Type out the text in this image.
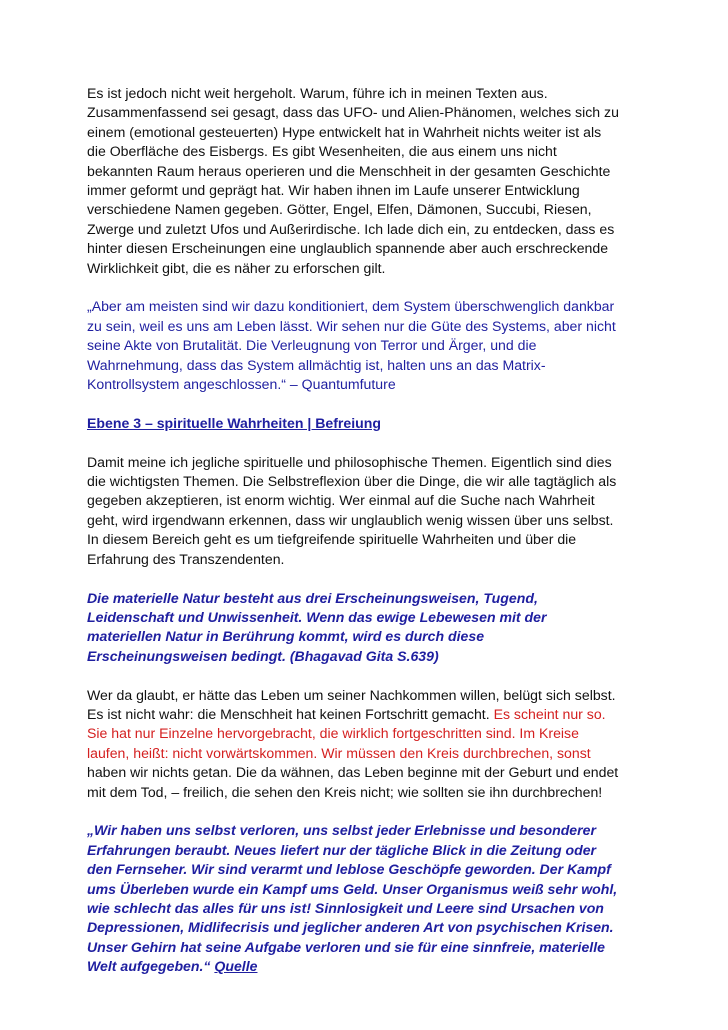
Es ist jedoch nicht weit hergeholt. Warum, führe ich in meinen Texten aus.
Zusammenfassend sei gesagt, dass das UFO- und Alien-Phänomen, welches sich zu
einem (emotional gesteuerten) Hype entwickelt hat in Wahrheit nichts weiter ist als
die Oberfläche des Eisbergs. Es gibt Wesenheiten, die aus einem uns nicht
bekannten Raum heraus operieren und die Menschheit in der gesamten Geschichte
immer geformt und geprägt hat. Wir haben ihnen im Laufe unserer Entwicklung
verschiedene Namen gegeben. Götter, Engel, Elfen, Dämonen, Succubi, Riesen,
Zwerge und zuletzt Ufos und Außerirdische. Ich lade dich ein, zu entdecken, dass es
hinter diesen Erscheinungen eine unglaublich spannende aber auch erschreckende
Wirklichkeit gibt, die es näher zu erforschen gilt.

„Aber am meisten sind wir dazu konditioniert, dem System überschwenglich dankbar
zu sein, weil es uns am Leben lässt. Wir sehen nur die Güte des Systems, aber nicht
seine Akte von Brutalität. Die Verleugnung von Terror und Ärger, und die
Wahrnehmung, dass das System allmächtig ist, halten uns an das Matrix-
Kontrollsystem angeschlossen.“ – Quantumfuture

Ebene 3 – spirituelle Wahrheiten | Befreiung

Damit meine ich jegliche spirituelle und philosophische Themen. Eigentlich sind dies
die wichtigsten Themen. Die Selbstreflexion über die Dinge, die wir alle tagtäglich als
gegeben akzeptieren, ist enorm wichtig. Wer einmal auf die Suche nach Wahrheit
geht, wird irgendwann erkennen, dass wir unglaublich wenig wissen über uns selbst.
In diesem Bereich geht es um tiefgreifende spirituelle Wahrheiten und über die
Erfahrung des Transzendenten.

Die materielle Natur besteht aus drei Erscheinungsweisen, Tugend,
Leidenschaft und Unwissenheit. Wenn das ewige Lebewesen mit der
materiellen Natur in Berührung kommt, wird es durch diese
Erscheinungsweisen bedingt. (Bhagavad Gita S.639)

Wer da glaubt, er hätte das Leben um seiner Nachkommen willen, belügt sich selbst.
Es ist nicht wahr: die Menschheit hat keinen Fortschritt gemacht. Es scheint nur so.
Sie hat nur Einzelne hervorgebracht, die wirklich fortgeschritten sind. Im Kreise
laufen, heißt: nicht vorwärtskommen. Wir müssen den Kreis durchbrechen, sonst
haben wir nichts getan. Die da wähnen, das Leben beginne mit der Geburt und endet
mit dem Tod, – freilich, die sehen den Kreis nicht; wie sollten sie ihn durchbrechen!

„Wir haben uns selbst verloren, uns selbst jeder Erlebnisse und besonderer
Erfahrungen beraubt. Neues liefert nur der tägliche Blick in die Zeitung oder
den Fernseher. Wir sind verarmt und leblose Geschöpfe geworden. Der Kampf
ums Überleben wurde ein Kampf ums Geld. Unser Organismus weiß sehr wohl,
wie schlecht das alles für uns ist! Sinnlosigkeit und Leere sind Ursachen von
Depressionen, Midlifecrisis und jeglicher anderen Art von psychischen Krisen.
Unser Gehirn hat seine Aufgabe verloren und sie für eine sinnfreie, materielle
Welt aufgegeben.“ Quelle
